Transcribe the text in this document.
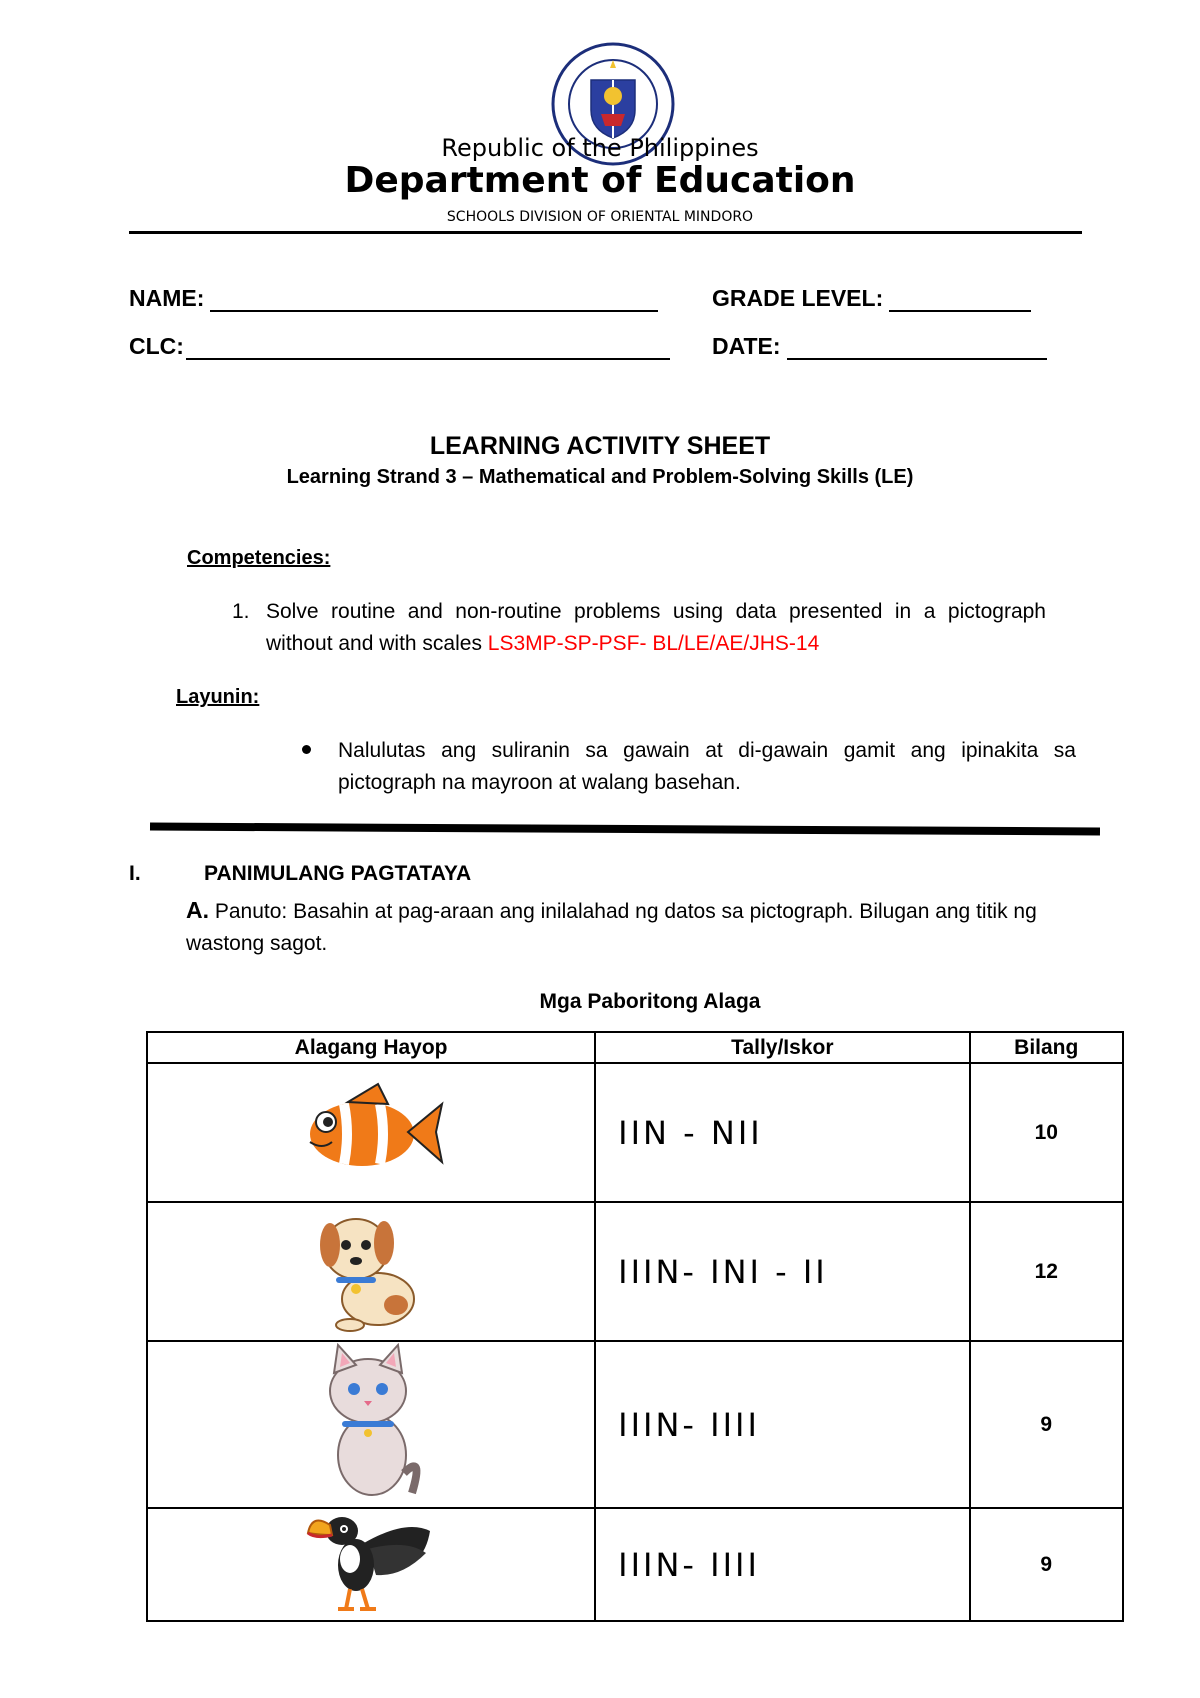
Republic of the Philippines
Department of Education
SCHOOLS DIVISION OF ORIENTAL MINDORO
NAME:	GRADE LEVEL:
CLC:	DATE:
LEARNING ACTIVITY SHEET
Learning Strand 3 – Mathematical and Problem-Solving Skills (LE)
Competencies:
1. Solve routine and non-routine problems using data presented in a pictograph without and with scales LS3MP-SP-PSF- BL/LE/AE/JHS-14
Layunin:
Nalulutas ang suliranin sa gawain at di-gawain gamit ang ipinakita sa pictograph na mayroon at walang basehan.
I.	PANIMULANG PAGTATAYA
A. Panuto: Basahin at pag-araan ang inilalahad ng datos sa pictograph. Bilugan ang titik ng wastong sagot.
Mga Paboritong Alaga
Alagang Hayop	Tally/Iskor	Bilang

IIN - NII	10

IIIN- INI - II	12

IIIN- IIII	9

IIIN- IIII	9
